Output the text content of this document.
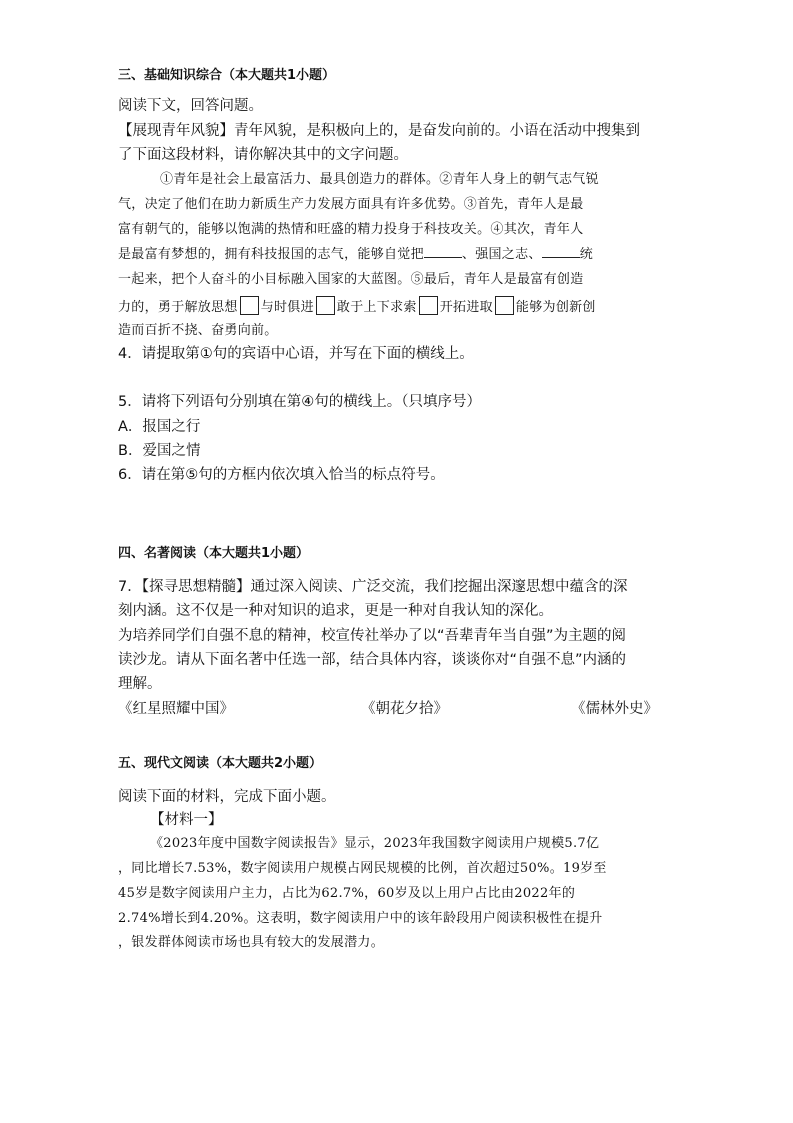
三、基础知识综合（本大题共1小题）
阅读下文，回答问题。
【展现青年风貌】青年风貌，是积极向上的，是奋发向前的。小语在活动中搜集到
了下面这段材料，请你解决其中的文字问题。
①青年是社会上最富活力、最具创造力的群体。②青年人身上的朝气志气锐
气，决定了他们在助力新质生产力发展方面具有许多优势。③首先，青年人是最
富有朝气的，能够以饱满的热情和旺盛的精力投身于科技攻关。④其次，青年人
是最富有梦想的，拥有科技报国的志气，能够自觉把	、强国之志、	统
一起来，把个人奋斗的小目标融入国家的大蓝图。⑤最后，青年人是最富有创造
力的，勇于解放思想 与时俱进 敢于上下求索 开拓进取 能够为创新创
造而百折不挠、奋勇向前。
4．请提取第①句的宾语中心语，并写在下面的横线上。
5．请将下列语句分别填在第④句的横线上。（只填序号）
A．报国之行
B．爱国之情
6．请在第⑤句的方框内依次填入恰当的标点符号。
四、名著阅读（本大题共1小题）
7．【探寻思想精髓】通过深入阅读、广泛交流，我们挖掘出深邃思想中蕴含的深
刻内涵。这不仅是一种对知识的追求，更是一种对自我认知的深化。
为培养同学们自强不息的精神，校宣传社举办了以“吾辈青年当自强”为主题的阅
读沙龙。请从下面名著中任选一部，结合具体内容，谈谈你对“自强不息”内涵的
理解。
《红星照耀中国》	《朝花夕拾》	《儒林外史》
五、现代文阅读（本大题共2小题）
阅读下面的材料，完成下面小题。
【材料一】
《2023年度中国数字阅读报告》显示，2023年我国数字阅读用户规模5.7亿
，同比增长7.53%，数字阅读用户规模占网民规模的比例，首次超过50%。19岁至
45岁是数字阅读用户主力，占比为62.7%，60岁及以上用户占比由2022年的
2.74%增长到4.20%。这表明，数字阅读用户中的该年龄段用户阅读积极性在提升
，银发群体阅读市场也具有较大的发展潜力。
